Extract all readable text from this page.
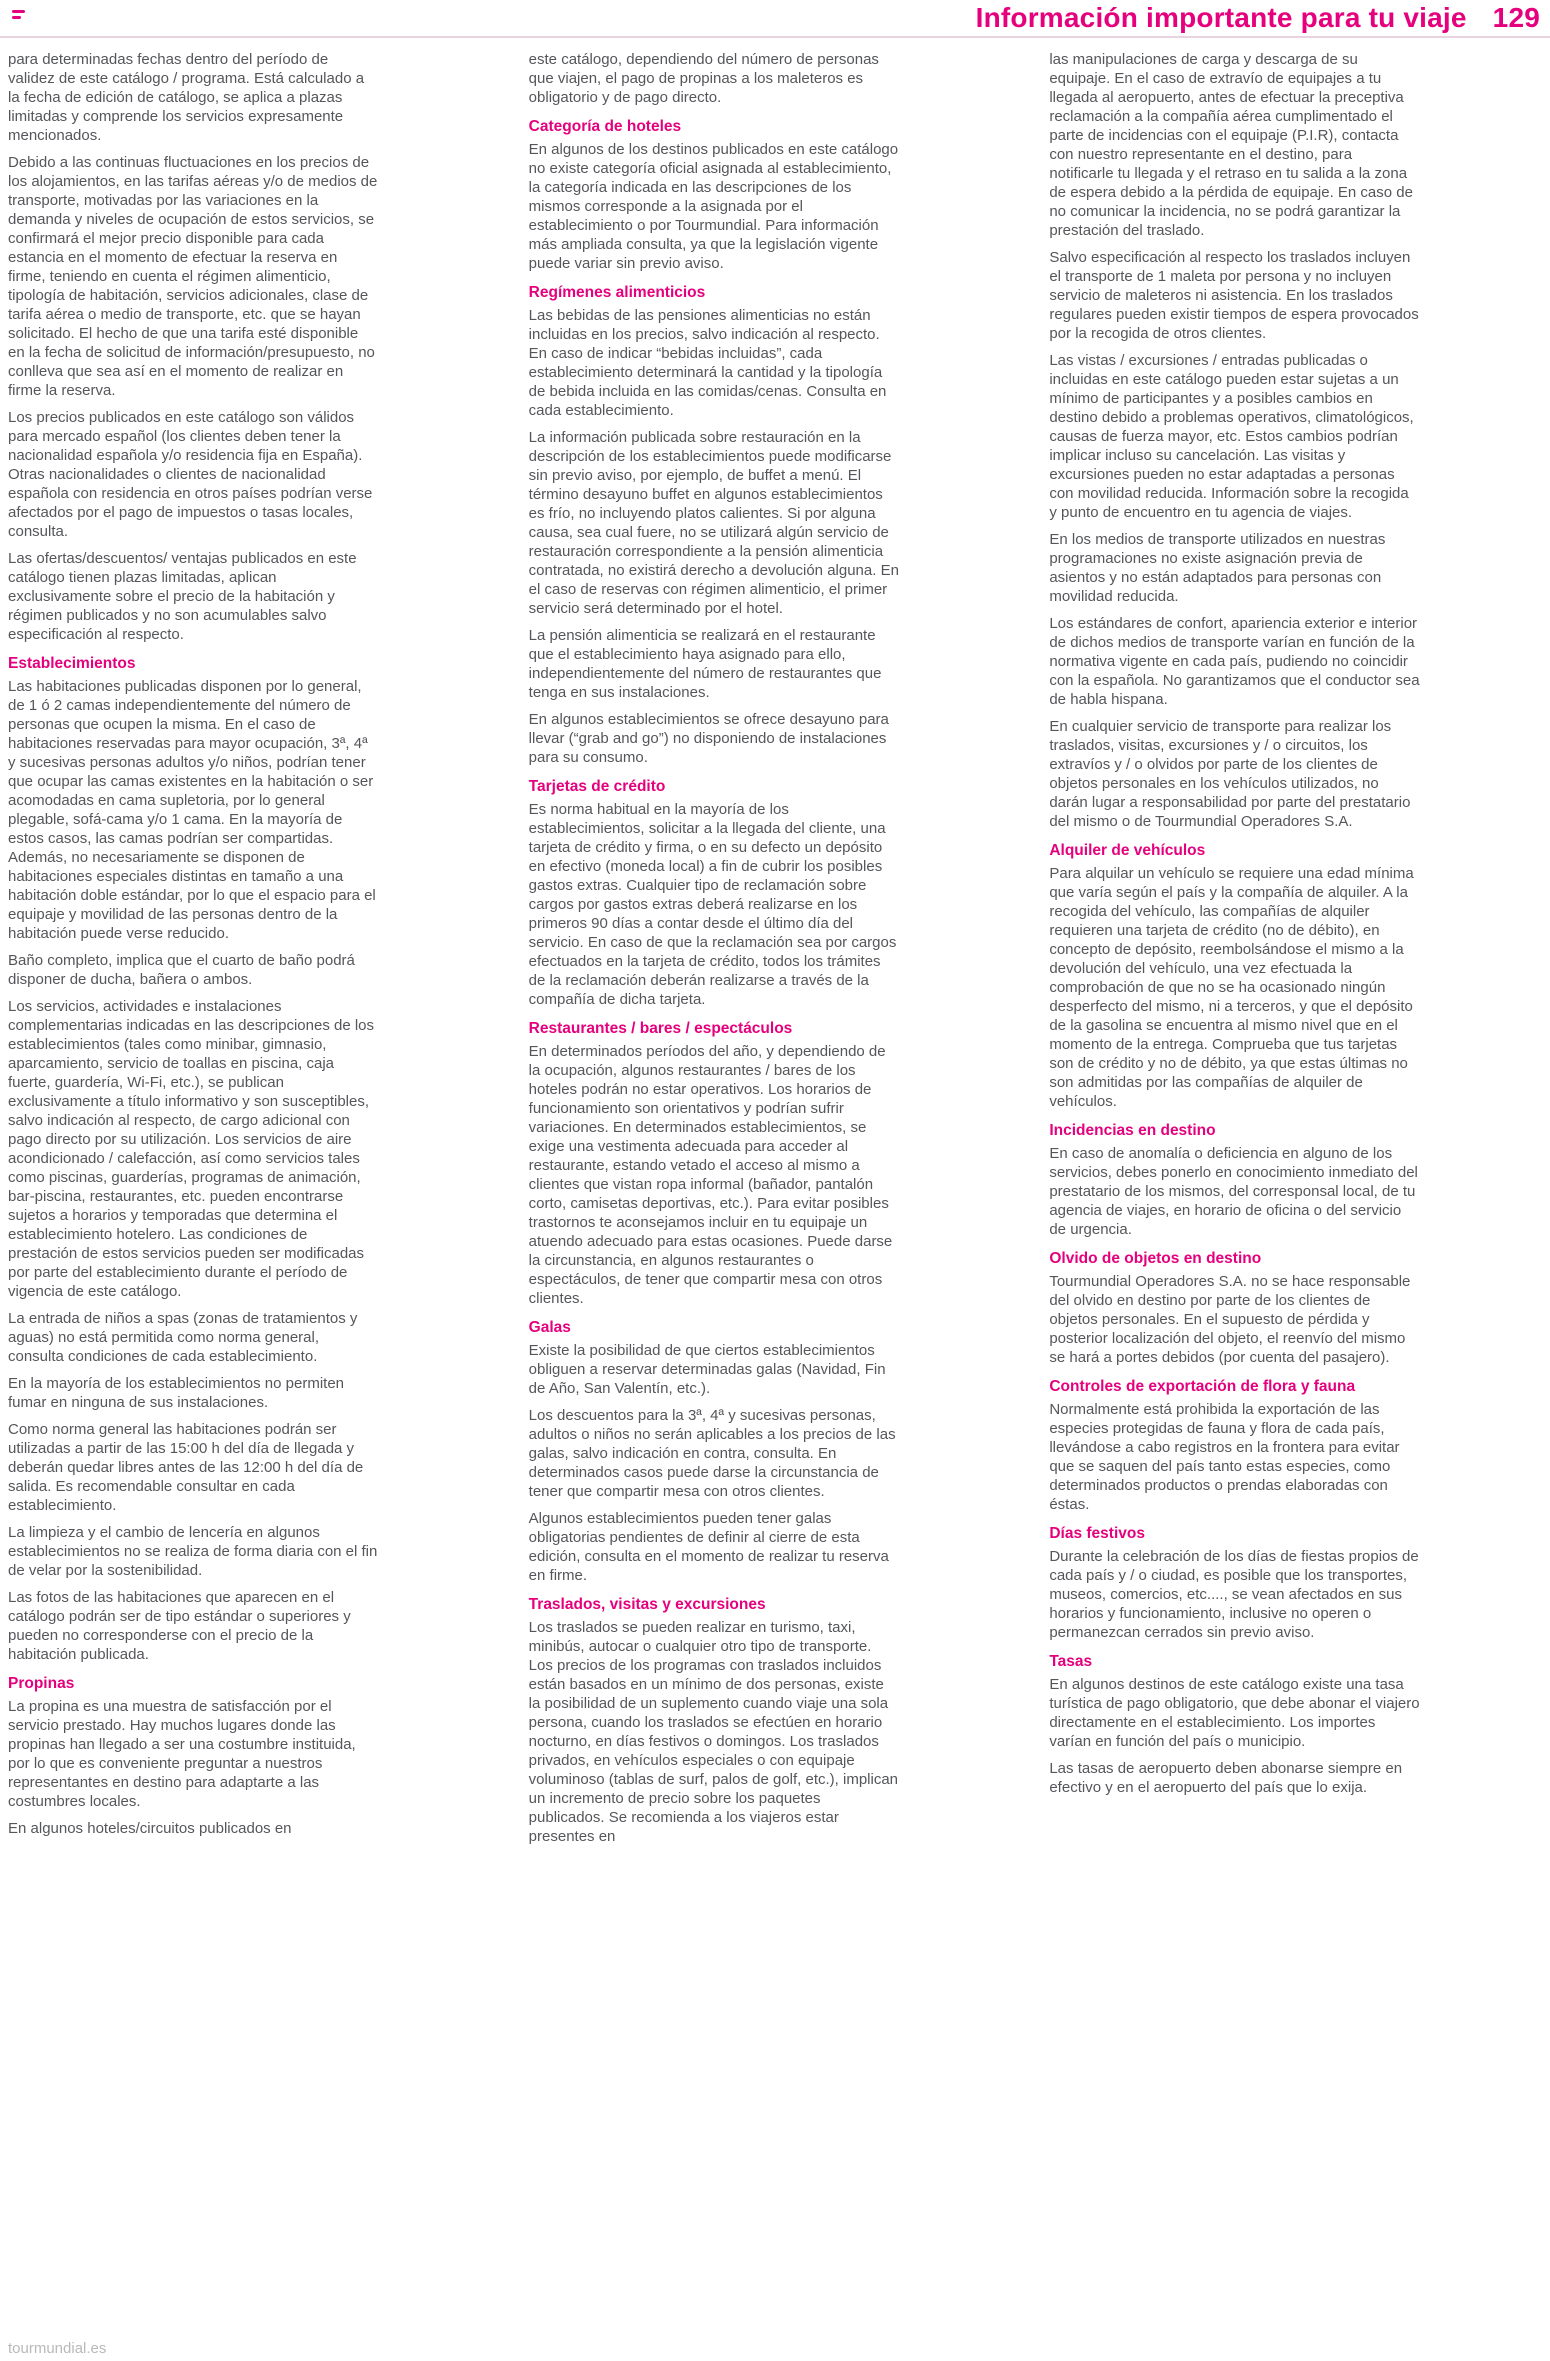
Información importante para tu viaje 129

para determinadas fechas dentro del período de validez de este catálogo / programa. Está calculado a la fecha de edición de catálogo, se aplica a plazas limitadas y comprende los servicios expresamente mencionados.

Debido a las continuas fluctuaciones en los precios de los alojamientos, en las tarifas aéreas y/o de medios de transporte, motivadas por las variaciones en la demanda y niveles de ocupación de estos servicios, se confirmará el mejor precio disponible para cada estancia en el momento de efectuar la reserva en firme, teniendo en cuenta el régimen alimenticio, tipología de habitación, servicios adicionales, clase de tarifa aérea o medio de transporte, etc. que se hayan solicitado. El hecho de que una tarifa esté disponible en la fecha de solicitud de información/presupuesto, no conlleva que sea así en el momento de realizar en firme la reserva.

Los precios publicados en este catálogo son válidos para mercado español (los clientes deben tener la nacionalidad española y/o residencia fija en España). Otras nacionalidades o clientes de nacionalidad española con residencia en otros países podrían verse afectados por el pago de impuestos o tasas locales, consulta.

Las ofertas/descuentos/ ventajas publicados en este catálogo tienen plazas limitadas, aplican exclusivamente sobre el precio de la habitación y régimen publicados y no son acumulables salvo especificación al respecto.

Establecimientos

Las habitaciones publicadas disponen por lo general, de 1 ó 2 camas independientemente del número de personas que ocupen la misma. En el caso de habitaciones reservadas para mayor ocupación, 3ª, 4ª y sucesivas personas adultos y/o niños, podrían tener que ocupar las camas existentes en la habitación o ser acomodadas en cama supletoria, por lo general plegable, sofá-cama y/o 1 cama. En la mayoría de estos casos, las camas podrían ser compartidas. Además, no necesariamente se disponen de habitaciones especiales distintas en tamaño a una habitación doble estándar, por lo que el espacio para el equipaje y movilidad de las personas dentro de la habitación puede verse reducido.

Baño completo, implica que el cuarto de baño podrá disponer de ducha, bañera o ambos.

Los servicios, actividades e instalaciones complementarias indicadas en las descripciones de los establecimientos (tales como minibar, gimnasio, aparcamiento, servicio de toallas en piscina, caja fuerte, guardería, Wi-Fi, etc.), se publican exclusivamente a título informativo y son susceptibles, salvo indicación al respecto, de cargo adicional con pago directo por su utilización. Los servicios de aire acondicionado / calefacción, así como servicios tales como piscinas, guarderías, programas de animación, bar-piscina, restaurantes, etc. pueden encontrarse sujetos a horarios y temporadas que determina el establecimiento hotelero. Las condiciones de prestación de estos servicios pueden ser modificadas por parte del establecimiento durante el período de vigencia de este catálogo.

La entrada de niños a spas (zonas de tratamientos y aguas) no está permitida como norma general, consulta condiciones de cada establecimiento.

En la mayoría de los establecimientos no permiten fumar en ninguna de sus instalaciones.

Como norma general las habitaciones podrán ser utilizadas a partir de las 15:00 h del día de llegada y deberán quedar libres antes de las 12:00 h del día de salida. Es recomendable consultar en cada establecimiento.

La limpieza y el cambio de lencería en algunos establecimientos no se realiza de forma diaria con el fin de velar por la sostenibilidad.

Las fotos de las habitaciones que aparecen en el catálogo podrán ser de tipo estándar o superiores y pueden no corresponderse con el precio de la habitación publicada.

Propinas

La propina es una muestra de satisfacción por el servicio prestado. Hay muchos lugares donde las propinas han llegado a ser una costumbre instituida, por lo que es conveniente preguntar a nuestros representantes en destino para adaptarte a las costumbres locales.

En algunos hoteles/circuitos publicados en

este catálogo, dependiendo del número de personas que viajen, el pago de propinas a los maleteros es obligatorio y de pago directo.

Categoría de hoteles

En algunos de los destinos publicados en este catálogo no existe categoría oficial asignada al establecimiento, la categoría indicada en las descripciones de los mismos corresponde a la asignada por el establecimiento o por Tourmundial. Para información más ampliada consulta, ya que la legislación vigente puede variar sin previo aviso.

Regímenes alimenticios

Las bebidas de las pensiones alimenticias no están incluidas en los precios, salvo indicación al respecto. En caso de indicar “bebidas incluidas”, cada establecimiento determinará la cantidad y la tipología de bebida incluida en las comidas/cenas. Consulta en cada establecimiento.

La información publicada sobre restauración en la descripción de los establecimientos puede modificarse sin previo aviso, por ejemplo, de buffet a menú. El término desayuno buffet en algunos establecimientos es frío, no incluyendo platos calientes. Si por alguna causa, sea cual fuere, no se utilizará algún servicio de restauración correspondiente a la pensión alimenticia contratada, no existirá derecho a devolución alguna. En el caso de reservas con régimen alimenticio, el primer servicio será determinado por el hotel.

La pensión alimenticia se realizará en el restaurante que el establecimiento haya asignado para ello, independientemente del número de restaurantes que tenga en sus instalaciones.

En algunos establecimientos se ofrece desayuno para llevar (“grab and go”) no disponiendo de instalaciones para su consumo.

Tarjetas de crédito

Es norma habitual en la mayoría de los establecimientos, solicitar a la llegada del cliente, una tarjeta de crédito y firma, o en su defecto un depósito en efectivo (moneda local) a fin de cubrir los posibles gastos extras. Cualquier tipo de reclamación sobre cargos por gastos extras deberá realizarse en los primeros 90 días a contar desde el último día del servicio. En caso de que la reclamación sea por cargos efectuados en la tarjeta de crédito, todos los trámites de la reclamación deberán realizarse a través de la compañía de dicha tarjeta.

Restaurantes / bares / espectáculos

En determinados períodos del año, y dependiendo de la ocupación, algunos restaurantes / bares de los hoteles podrán no estar operativos. Los horarios de funcionamiento son orientativos y podrían sufrir variaciones. En determinados establecimientos, se exige una vestimenta adecuada para acceder al restaurante, estando vetado el acceso al mismo a clientes que vistan ropa informal (bañador, pantalón corto, camisetas deportivas, etc.). Para evitar posibles trastornos te aconsejamos incluir en tu equipaje un atuendo adecuado para estas ocasiones. Puede darse la circunstancia, en algunos restaurantes o espectáculos, de tener que compartir mesa con otros clientes.

Galas

Existe la posibilidad de que ciertos establecimientos obliguen a reservar determinadas galas (Navidad, Fin de Año, San Valentín, etc.).

Los descuentos para la 3ª, 4ª y sucesivas personas, adultos o niños no serán aplicables a los precios de las galas, salvo indicación en contra, consulta. En determinados casos puede darse la circunstancia de tener que compartir mesa con otros clientes.

Algunos establecimientos pueden tener galas obligatorias pendientes de definir al cierre de esta edición, consulta en el momento de realizar tu reserva en firme.

Traslados, visitas y excursiones

Los traslados se pueden realizar en turismo, taxi, minibús, autocar o cualquier otro tipo de transporte. Los precios de los programas con traslados incluidos están basados en un mínimo de dos personas, existe la posibilidad de un suplemento cuando viaje una sola persona, cuando los traslados se efectúen en horario nocturno, en días festivos o domingos. Los traslados privados, en vehículos especiales o con equipaje voluminoso (tablas de surf, palos de golf, etc.), implican un incremento de precio sobre los paquetes publicados. Se recomienda a los viajeros estar presentes en

las manipulaciones de carga y descarga de su equipaje. En el caso de extravío de equipajes a tu llegada al aeropuerto, antes de efectuar la preceptiva reclamación a la compañía aérea cumplimentado el parte de incidencias con el equipaje (P.I.R), contacta con nuestro representante en el destino, para notificarle tu llegada y el retraso en tu salida a la zona de espera debido a la pérdida de equipaje. En caso de no comunicar la incidencia, no se podrá garantizar la prestación del traslado.

Salvo especificación al respecto los traslados incluyen el transporte de 1 maleta por persona y no incluyen servicio de maleteros ni asistencia. En los traslados regulares pueden existir tiempos de espera provocados por la recogida de otros clientes.

Las vistas / excursiones / entradas publicadas o incluidas en este catálogo pueden estar sujetas a un mínimo de participantes y a posibles cambios en destino debido a problemas operativos, climatológicos, causas de fuerza mayor, etc. Estos cambios podrían implicar incluso su cancelación. Las visitas y excursiones pueden no estar adaptadas a personas con movilidad reducida. Información sobre la recogida y punto de encuentro en tu agencia de viajes.

En los medios de transporte utilizados en nuestras programaciones no existe asignación previa de asientos y no están adaptados para personas con movilidad reducida.

Los estándares de confort, apariencia exterior e interior de dichos medios de transporte varían en función de la normativa vigente en cada país, pudiendo no coincidir con la española. No garantizamos que el conductor sea de habla hispana.

En cualquier servicio de transporte para realizar los traslados, visitas, excursiones y / o circuitos, los extravíos y / o olvidos por parte de los clientes de objetos personales en los vehículos utilizados, no darán lugar a responsabilidad por parte del prestatario del mismo o de Tourmundial Operadores S.A.

Alquiler de vehículos

Para alquilar un vehículo se requiere una edad mínima que varía según el país y la compañía de alquiler. A la recogida del vehículo, las compañías de alquiler requieren una tarjeta de crédito (no de débito), en concepto de depósito, reembolsándose el mismo a la devolución del vehículo, una vez efectuada la comprobación de que no se ha ocasionado ningún desperfecto del mismo, ni a terceros, y que el depósito de la gasolina se encuentra al mismo nivel que en el momento de la entrega. Comprueba que tus tarjetas son de crédito y no de débito, ya que estas últimas no son admitidas por las compañías de alquiler de vehículos.

Incidencias en destino

En caso de anomalía o deficiencia en alguno de los servicios, debes ponerlo en conocimiento inmediato del prestatario de los mismos, del corresponsal local, de tu agencia de viajes, en horario de oficina o del servicio de urgencia.

Olvido de objetos en destino

Tourmundial Operadores S.A. no se hace responsable del olvido en destino por parte de los clientes de objetos personales. En el supuesto de pérdida y posterior localización del objeto, el reenvío del mismo se hará a portes debidos (por cuenta del pasajero).

Controles de exportación de flora y fauna

Normalmente está prohibida la exportación de las especies protegidas de fauna y flora de cada país, llevándose a cabo registros en la frontera para evitar que se saquen del país tanto estas especies, como determinados productos o prendas elaboradas con éstas.

Días festivos

Durante la celebración de los días de fiestas propios de cada país y / o ciudad, es posible que los transportes, museos, comercios, etc...., se vean afectados en sus horarios y funcionamiento, inclusive no operen o permanezcan cerrados sin previo aviso.

Tasas

En algunos destinos de este catálogo existe una tasa turística de pago obligatorio, que debe abonar el viajero directamente en el establecimiento. Los importes varían en función del país o municipio.

Las tasas de aeropuerto deben abonarse siempre en efectivo y en el aeropuerto del país que lo exija.

tourmundial.es
